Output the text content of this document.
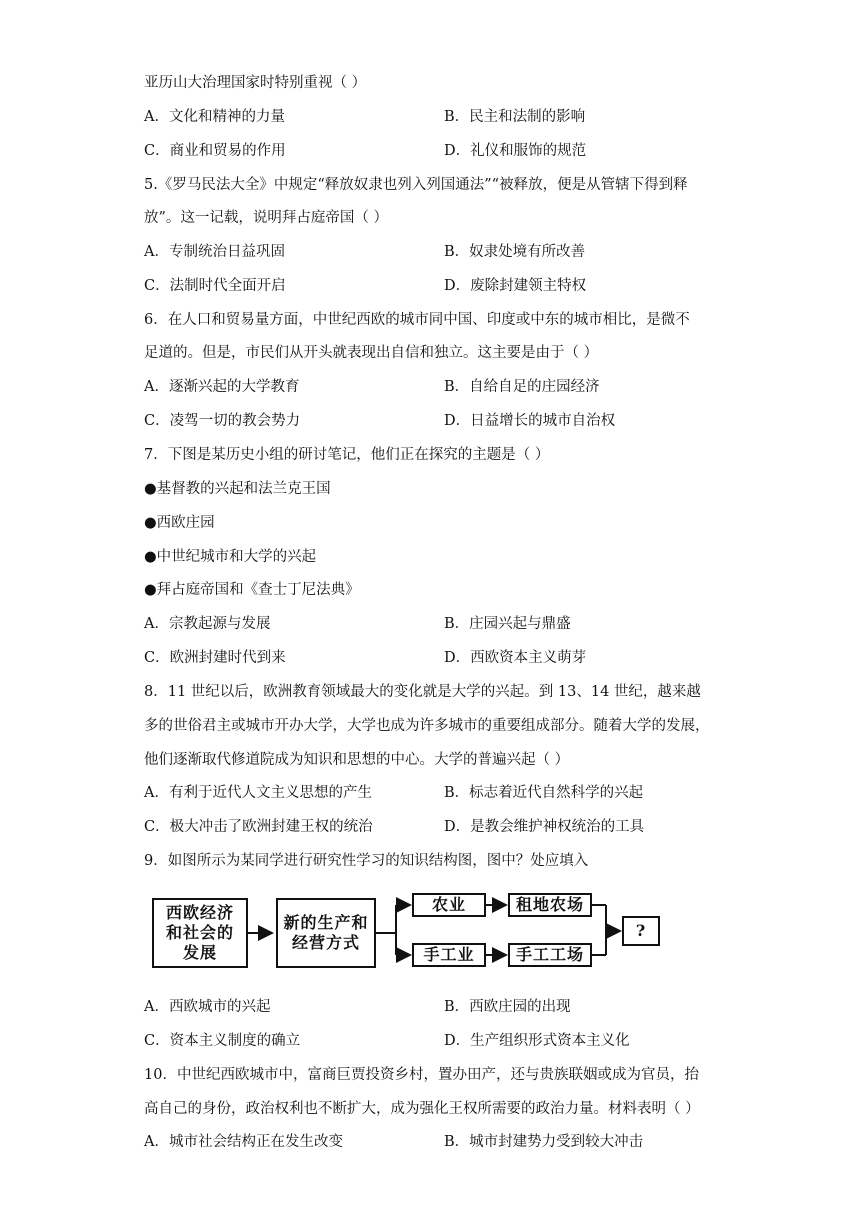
亚历山大治理国家时特别重视（ ）
A．文化和精神的力量	B．民主和法制的影响
C．商业和贸易的作用	D．礼仪和服饰的规范
5.《罗马民法大全》中规定“释放奴隶也列入列国通法”“被释放，便是从管辖下得到释
放”。这一记载，说明拜占庭帝国（ ）
A．专制统治日益巩固	B．奴隶处境有所改善
C．法制时代全面开启	D．废除封建领主特权
6．在人口和贸易量方面，中世纪西欧的城市同中国、印度或中东的城市相比，是微不
足道的。但是，市民们从开头就表现出自信和独立。这主要是由于（ ）
A．逐渐兴起的大学教育	B．自给自足的庄园经济
C．凌驾一切的教会势力	D．日益增长的城市自治权
7．下图是某历史小组的研讨笔记，他们正在探究的主题是（ ）
●基督教的兴起和法兰克王国
●西欧庄园
●中世纪城市和大学的兴起
●拜占庭帝国和《查士丁尼法典》
A．宗教起源与发展	B．庄园兴起与鼎盛
C．欧洲封建时代到来	D．西欧资本主义萌芽
8．11 世纪以后，欧洲教育领域最大的变化就是大学的兴起。到 13、14 世纪，越来越
多的世俗君主或城市开办大学，大学也成为许多城市的重要组成部分。随着大学的发展，
他们逐渐取代修道院成为知识和思想的中心。大学的普遍兴起（ ）
A．有利于近代人文主义思想的产生	B．标志着近代自然科学的兴起
C．极大冲击了欧洲封建王权的统治	D．是教会维护神权统治的工具
9．如图所示为某同学进行研究性学习的知识结构图，图中？处应填入
西欧经济
和社会的
发展
新的生产和
经营方式
农业
手工业
租地农场
手工工场
?
A．西欧城市的兴起	B．西欧庄园的出现
C．资本主义制度的确立	D．生产组织形式资本主义化
10．中世纪西欧城市中，富商巨贾投资乡村，置办田产，还与贵族联姻或成为官员，抬
高自己的身份，政治权利也不断扩大，成为强化王权所需要的政治力量。材料表明（ ）
A．城市社会结构正在发生改变	B．城市封建势力受到较大冲击
